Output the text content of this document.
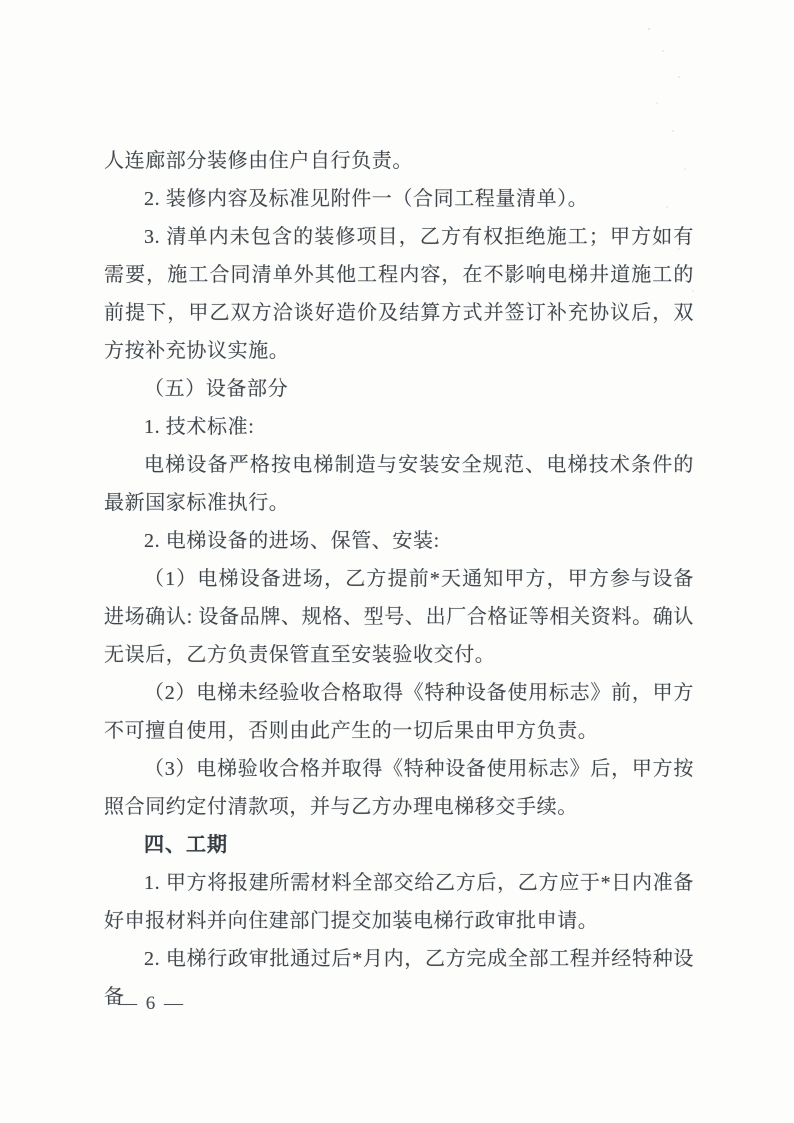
人连廊部分装修由住户自行负责。

2. 装修内容及标准见附件一（合同工程量清单）。

3. 清单内未包含的装修项目，乙方有权拒绝施工；甲方如有需要，施工合同清单外其他工程内容，在不影响电梯井道施工的前提下，甲乙双方洽谈好造价及结算方式并签订补充协议后，双方按补充协议实施。

（五）设备部分

1. 技术标准:

电梯设备严格按电梯制造与安装安全规范、电梯技术条件的最新国家标准执行。

2. 电梯设备的进场、保管、安装:

（1）电梯设备进场，乙方提前*天通知甲方，甲方参与设备进场确认: 设备品牌、规格、型号、出厂合格证等相关资料。确认无误后，乙方负责保管直至安装验收交付。

（2）电梯未经验收合格取得《特种设备使用标志》前，甲方不可擅自使用，否则由此产生的一切后果由甲方负责。

（3）电梯验收合格并取得《特种设备使用标志》后，甲方按照合同约定付清款项，并与乙方办理电梯移交手续。

四、工期

1. 甲方将报建所需材料全部交给乙方后，乙方应于*日内准备好申报材料并向住建部门提交加装电梯行政审批申请。

2. 电梯行政审批通过后*月内，乙方完成全部工程并经特种设备

— 6 —
